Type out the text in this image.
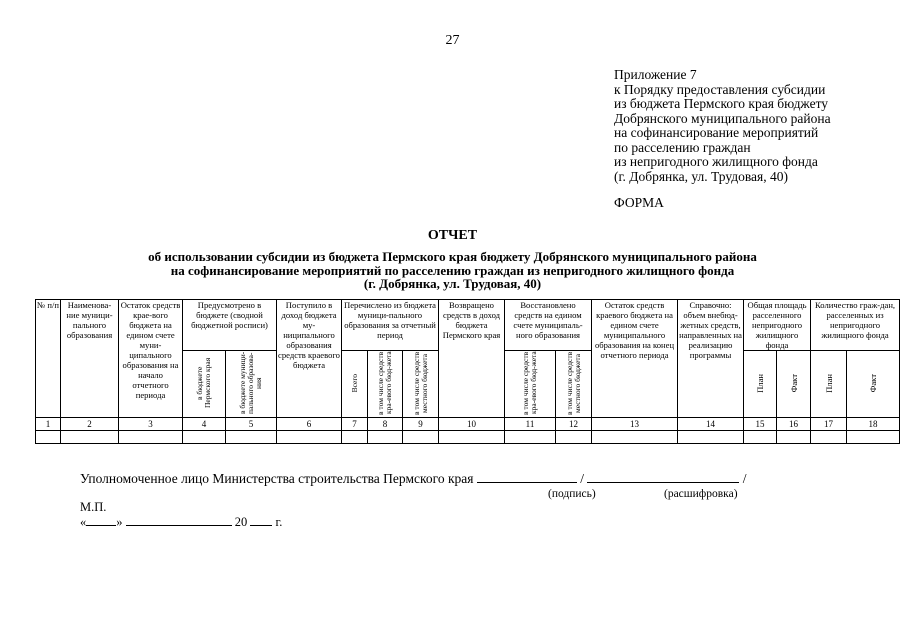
27
Приложение 7
к Порядку предоставления субсидии
из бюджета Пермского края бюджету
Добрянского муниципального района
на софинансирование мероприятий
по расселению граждан
из непригодного жилищного фонда
(г. Добрянка, ул. Трудовая, 40)
ФОРМА
ОТЧЕТ
об использовании субсидии из бюджета Пермского края бюджету Добрянского муниципального района
на софинансирование мероприятий по расселению граждан из непригодного жилищного фонда
(г. Добрянка, ул. Трудовая, 40)
№ п/п	Наименова-ние муници-пального образования	Остаток средств крае-вого бюджета на едином счете муни-ципального образования на начало отчетного периода	Предусмотрено в бюджете (сводной бюджетной росписи)		Поступило в доход бюджета му-ниципального образования средств краевого бюджета	Перечислено из бюджета муници-пального образования за отчетный период			Возвращено средств в доход бюджета Пермского края	Восстановлено средств на едином счете муниципаль-ного образования		Остаток средств краевого бюджета на едином счете муниципального образования на конец отчетного периода	Справочно: объем внебюд-жетных средств, направленных на реализацию программы	Общая площадь расселенного непригодного жилищного фонда		Количество граж-дан, расселенных из непригодного жилищного фонда	
			в бюджете Пермского края	в бюджете муници-пального образова-ния		Всего	в том числе средств кра-евого бюд-жета	в том числе средств местного бюджета		в том числе средств кра-евого бюд-жета	в том числе средств местного бюджета			План	Факт	План	Факт
1	2	3	4	5	6	7	8	9	10	11	12	13	14	15	16	17	18

Уполномоченное лицо Министерства строительства Пермского края	/	/
(подпись)	(расшифровка)
М.П.
« »	20 г.
